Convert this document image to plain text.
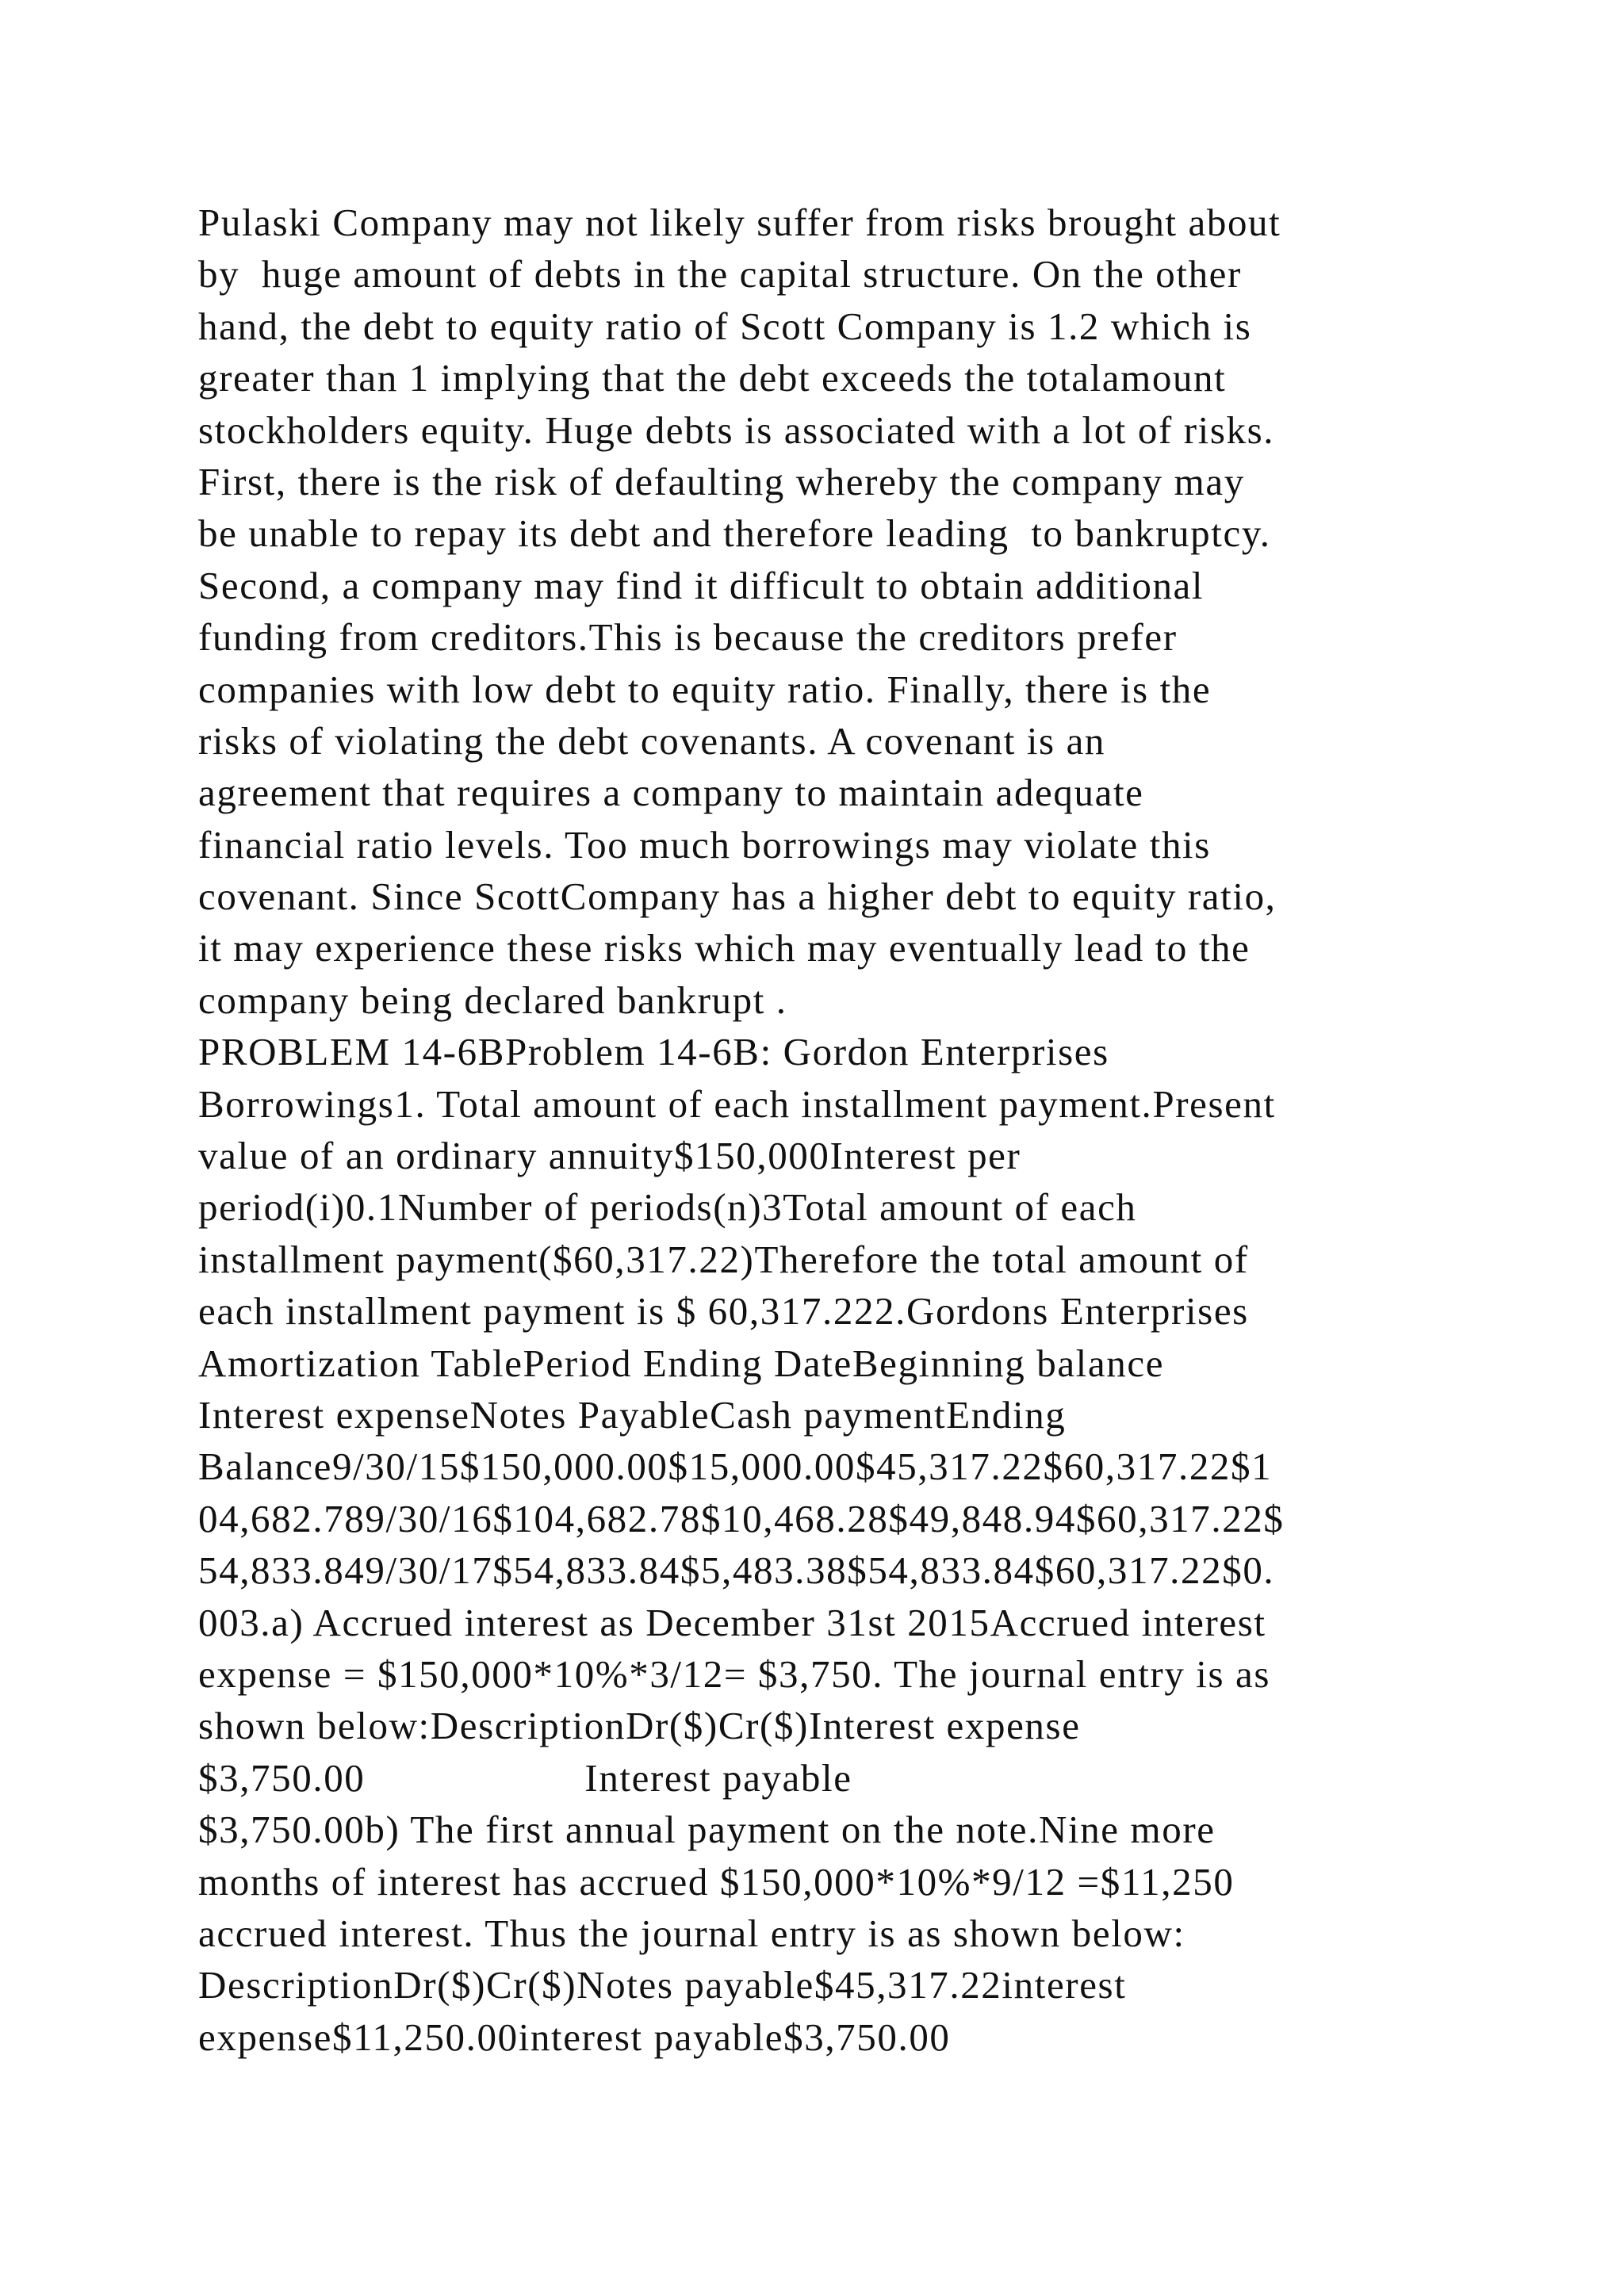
Pulaski Company may not likely suffer from risks brought about
by  huge amount of debts in the capital structure. On the other
hand, the debt to equity ratio of Scott Company is 1.2 which is
greater than 1 implying that the debt exceeds the totalamount
stockholders equity. Huge debts is associated with a lot of risks.
First, there is the risk of defaulting whereby the company may
be unable to repay its debt and therefore leading  to bankruptcy.
Second, a company may find it difficult to obtain additional
funding from creditors.This is because the creditors prefer
companies with low debt to equity ratio. Finally, there is the
risks of violating the debt covenants. A covenant is an
agreement that requires a company to maintain adequate
financial ratio levels. Too much borrowings may violate this
covenant. Since ScottCompany has a higher debt to equity ratio,
it may experience these risks which may eventually lead to the
company being declared bankrupt .
PROBLEM 14-6BProblem 14-6B: Gordon Enterprises
Borrowings1. Total amount of each installment payment.Present
value of an ordinary annuity$150,000Interest per
period(i)0.1Number of periods(n)3Total amount of each
installment payment($60,317.22)Therefore the total amount of
each installment payment is $ 60,317.222.Gordons Enterprises
Amortization TablePeriod Ending DateBeginning balance
Interest expenseNotes PayableCash paymentEnding
Balance9/30/15$150,000.00$15,000.00$45,317.22$60,317.22$1
04,682.789/30/16$104,682.78$10,468.28$49,848.94$60,317.22$
54,833.849/30/17$54,833.84$5,483.38$54,833.84$60,317.22$0.
003.a) Accrued interest as December 31st 2015Accrued interest
expense = $150,000*10%*3/12= $3,750. The journal entry is as
shown below:DescriptionDr($)Cr($)Interest expense
$3,750.00                    Interest payable
$3,750.00b) The first annual payment on the note.Nine more
months of interest has accrued $150,000*10%*9/12 =$11,250
accrued interest. Thus the journal entry is as shown below:
DescriptionDr($)Cr($)Notes payable$45,317.22interest
expense$11,250.00interest payable$3,750.00
